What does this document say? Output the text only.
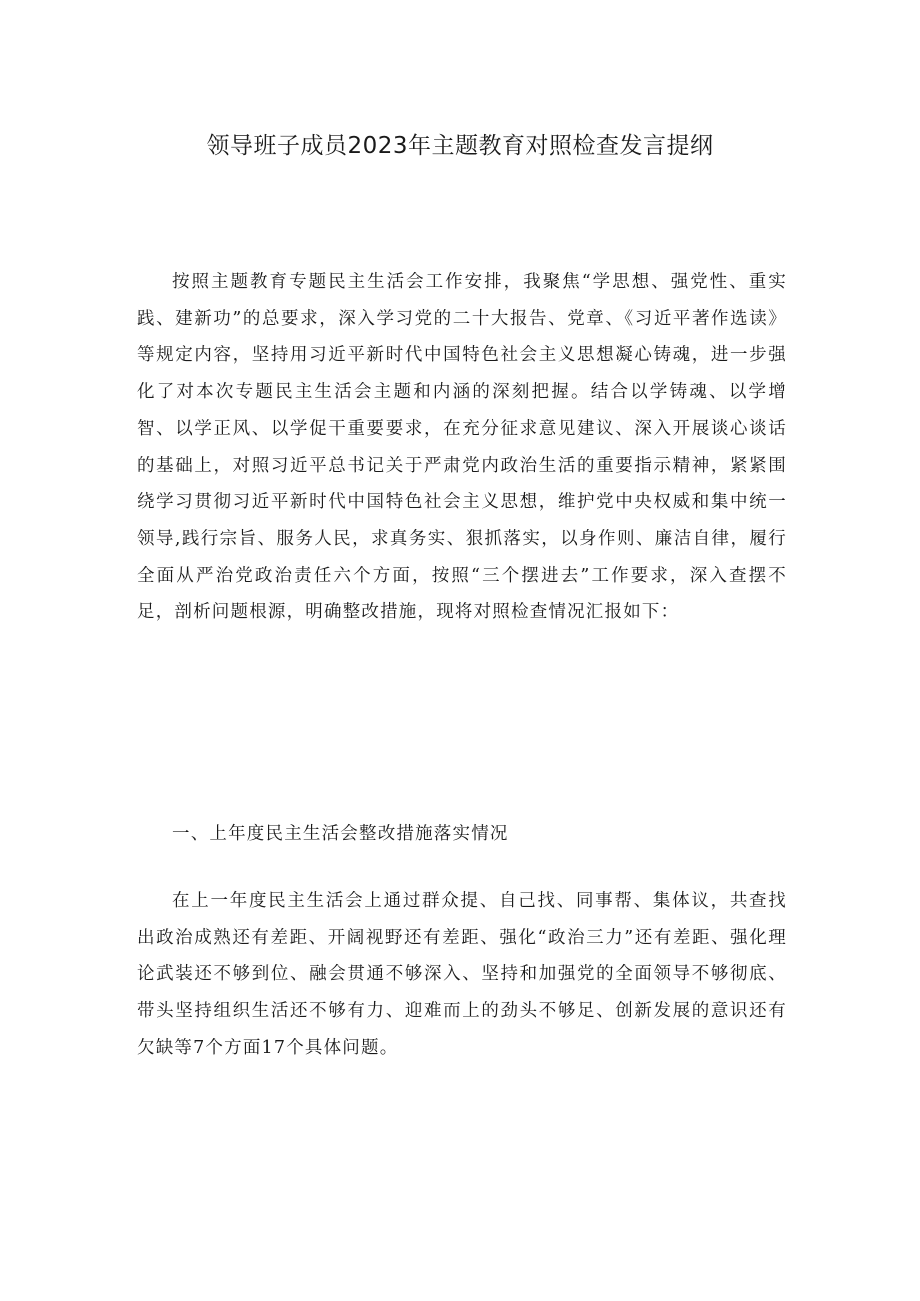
领导班子成员2023年主题教育对照检查发言提纲

按照主题教育专题民主生活会工作安排，我聚焦“学思想、强党性、重实践、建新功”的总要求，深入学习党的二十大报告、党章、《习近平著作选读》等规定内容，坚持用习近平新时代中国特色社会主义思想凝心铸魂，进一步强化了对本次专题民主生活会主题和内涵的深刻把握。结合以学铸魂、以学增智、以学正风、以学促干重要要求，在充分征求意见建议、深入开展谈心谈话的基础上，对照习近平总书记关于严肃党内政治生活的重要指示精神，紧紧围绕学习贯彻习近平新时代中国特色社会主义思想，维护党中央权威和集中统一领导,践行宗旨、服务人民，求真务实、狠抓落实，以身作则、廉洁自律，履行全面从严治党政治责任六个方面，按照“三个摆进去”工作要求，深入查摆不足，剖析问题根源，明确整改措施，现将对照检查情况汇报如下：

一、上年度民主生活会整改措施落实情况

在上一年度民主生活会上通过群众提、自己找、同事帮、集体议，共查找出政治成熟还有差距、开阔视野还有差距、强化“政治三力”还有差距、强化理论武装还不够到位、融会贯通不够深入、坚持和加强党的全面领导不够彻底、带头坚持组织生活还不够有力、迎难而上的劲头不够足、创新发展的意识还有欠缺等7个方面17个具体问题。
